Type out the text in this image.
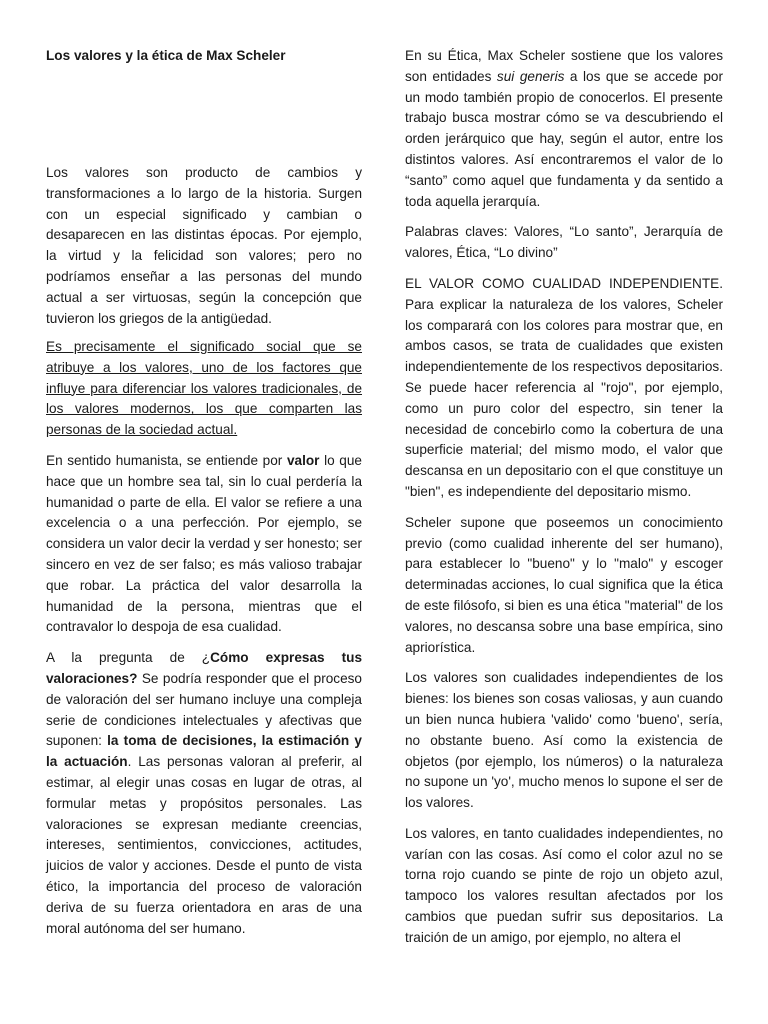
Los valores y la ética de Max Scheler

Los valores son producto de cambios y transformaciones a lo largo de la historia. Surgen con un especial significado y cambian o desaparecen en las distintas épocas. Por ejemplo, la virtud y la felicidad son valores; pero no podríamos enseñar a las personas del mundo actual a ser virtuosas, según la concepción que tuvieron los griegos de la antigüedad.

Es precisamente el significado social que se atribuye a los valores, uno de los factores que influye para diferenciar los valores tradicionales, de los valores modernos, los que comparten las personas de la sociedad actual.

En sentido humanista, se entiende por valor lo que hace que un hombre sea tal, sin lo cual perdería la humanidad o parte de ella. El valor se refiere a una excelencia o a una perfección. Por ejemplo, se considera un valor decir la verdad y ser honesto; ser sincero en vez de ser falso; es más valioso trabajar que robar. La práctica del valor desarrolla la humanidad de la persona, mientras que el contravalor lo despoja de esa cualidad.

A la pregunta de ¿Cómo expresas tus valoraciones? Se podría responder que el proceso de valoración del ser humano incluye una compleja serie de condiciones intelectuales y afectivas que suponen: la toma de decisiones, la estimación y la actuación. Las personas valoran al preferir, al estimar, al elegir unas cosas en lugar de otras, al formular metas y propósitos personales. Las valoraciones se expresan mediante creencias, intereses, sentimientos, convicciones, actitudes, juicios de valor y acciones. Desde el punto de vista ético, la importancia del proceso de valoración deriva de su fuerza orientadora en aras de una moral autónoma del ser humano.

En su Ética, Max Scheler sostiene que los valores son entidades sui generis a los que se accede por un modo también propio de conocerlos. El presente trabajo busca mostrar cómo se va descubriendo el orden jerárquico que hay, según el autor, entre los distintos valores. Así encontraremos el valor de lo “santo” como aquel que fundamenta y da sentido a toda aquella jerarquía.

Palabras claves: Valores, “Lo santo”, Jerarquía de valores, Ética, “Lo divino”

EL VALOR COMO CUALIDAD INDEPENDIENTE. Para explicar la naturaleza de los valores, Scheler los comparará con los colores para mostrar que, en ambos casos, se trata de cualidades que existen independientemente de los respectivos depositarios. Se puede hacer referencia al "rojo", por ejemplo, como un puro color del espectro, sin tener la necesidad de concebirlo como la cobertura de una superficie material; del mismo modo, el valor que descansa en un depositario con el que constituye un "bien", es independiente del depositario mismo.

Scheler supone que poseemos un conocimiento previo (como cualidad inherente del ser humano), para establecer lo "bueno" y lo "malo" y escoger determinadas acciones, lo cual significa que la ética de este filósofo, si bien es una ética "material" de los valores, no descansa sobre una base empírica, sino apriorística.

Los valores son cualidades independientes de los bienes: los bienes son cosas valiosas, y aun cuando un bien nunca hubiera 'valido' como 'bueno', sería, no obstante bueno. Así como la existencia de objetos (por ejemplo, los números) o la naturaleza no supone un 'yo', mucho menos lo supone el ser de los valores.

Los valores, en tanto cualidades independientes, no varían con las cosas. Así como el color azul no se torna rojo cuando se pinte de rojo un objeto azul, tampoco los valores resultan afectados por los cambios que puedan sufrir sus depositarios. La traición de un amigo, por ejemplo, no altera el
